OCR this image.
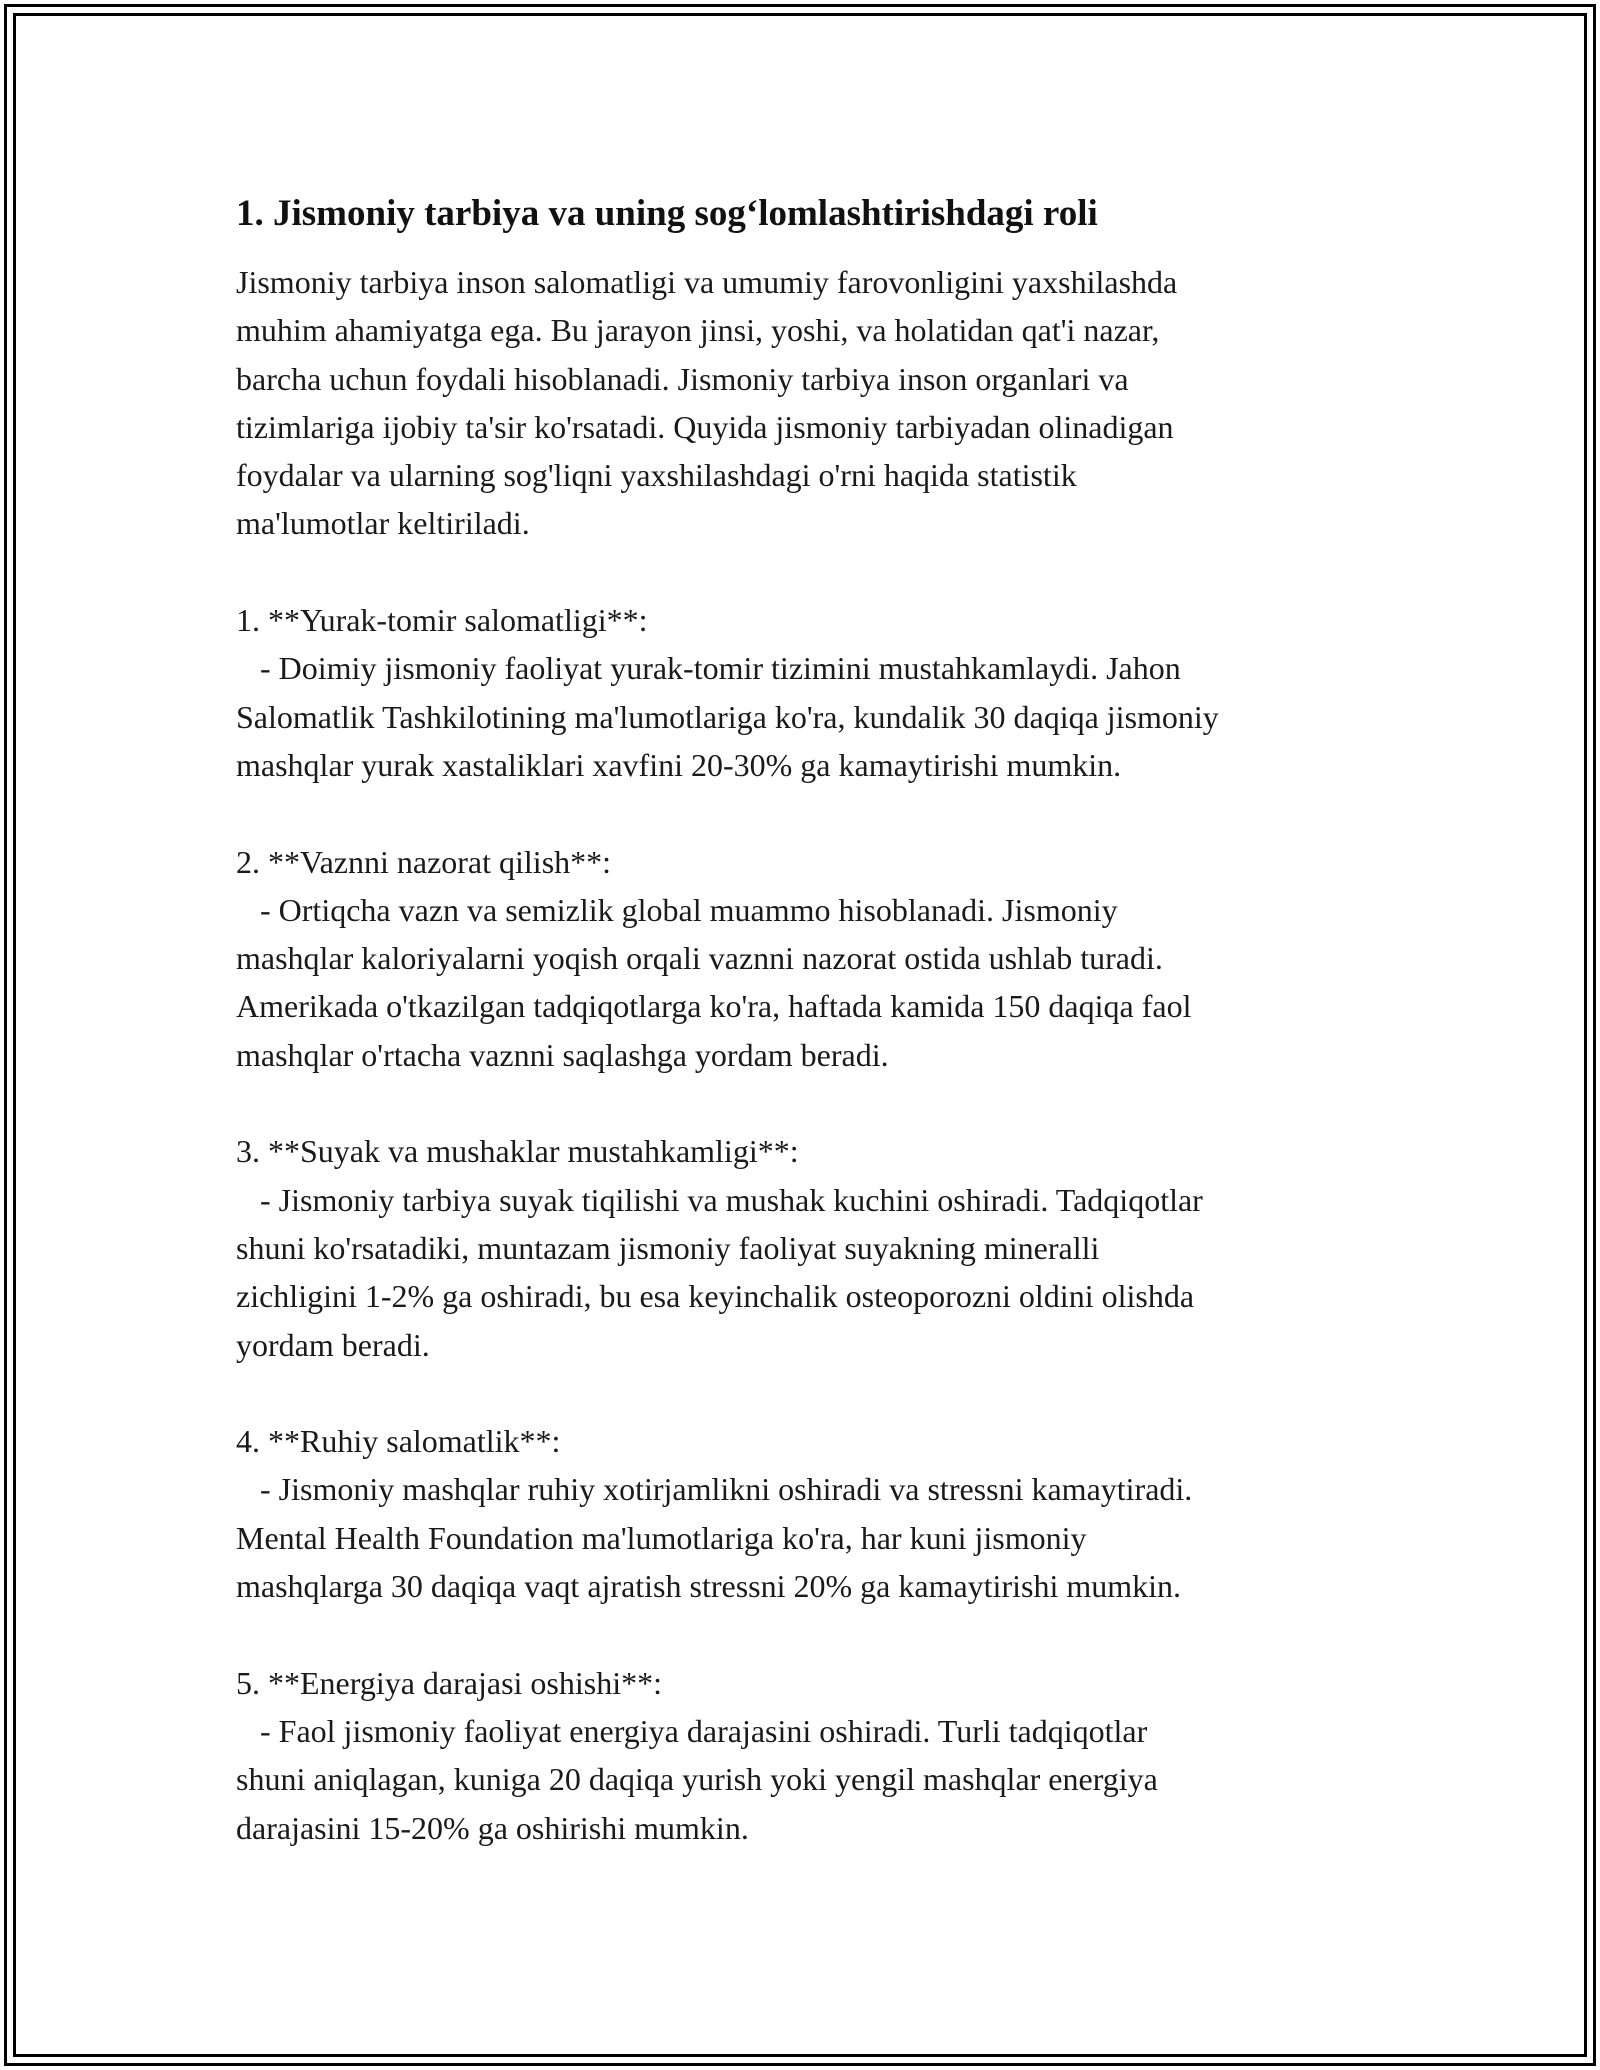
1. Jismoniy tarbiya va uning sog‘lomlashtirishdagi roli
Jismoniy tarbiya inson salomatligi va umumiy farovonligini yaxshilashda
muhim ahamiyatga ega. Bu jarayon jinsi, yoshi, va holatidan qat'i nazar,
barcha uchun foydali hisoblanadi. Jismoniy tarbiya inson organlari va
tizimlariga ijobiy ta'sir ko'rsatadi. Quyida jismoniy tarbiyadan olinadigan
foydalar va ularning sog'liqni yaxshilashdagi o'rni haqida statistik
ma'lumotlar keltiriladi.
1. **Yurak-tomir salomatligi**:
- Doimiy jismoniy faoliyat yurak-tomir tizimini mustahkamlaydi. Jahon
Salomatlik Tashkilotining ma'lumotlariga ko'ra, kundalik 30 daqiqa jismoniy
mashqlar yurak xastaliklari xavfini 20-30% ga kamaytirishi mumkin.
2. **Vaznni nazorat qilish**:
- Ortiqcha vazn va semizlik global muammo hisoblanadi. Jismoniy
mashqlar kaloriyalarni yoqish orqali vaznni nazorat ostida ushlab turadi.
Amerikada o'tkazilgan tadqiqotlarga ko'ra, haftada kamida 150 daqiqa faol
mashqlar o'rtacha vaznni saqlashga yordam beradi.
3. **Suyak va mushaklar mustahkamligi**:
- Jismoniy tarbiya suyak tiqilishi va mushak kuchini oshiradi. Tadqiqotlar
shuni ko'rsatadiki, muntazam jismoniy faoliyat suyakning mineralli
zichligini 1-2% ga oshiradi, bu esa keyinchalik osteoporozni oldini olishda
yordam beradi.
4. **Ruhiy salomatlik**:
- Jismoniy mashqlar ruhiy xotirjamlikni oshiradi va stressni kamaytiradi.
Mental Health Foundation ma'lumotlariga ko'ra, har kuni jismoniy
mashqlarga 30 daqiqa vaqt ajratish stressni 20% ga kamaytirishi mumkin.
5. **Energiya darajasi oshishi**:
- Faol jismoniy faoliyat energiya darajasini oshiradi. Turli tadqiqotlar
shuni aniqlagan, kuniga 20 daqiqa yurish yoki yengil mashqlar energiya
darajasini 15-20% ga oshirishi mumkin.
